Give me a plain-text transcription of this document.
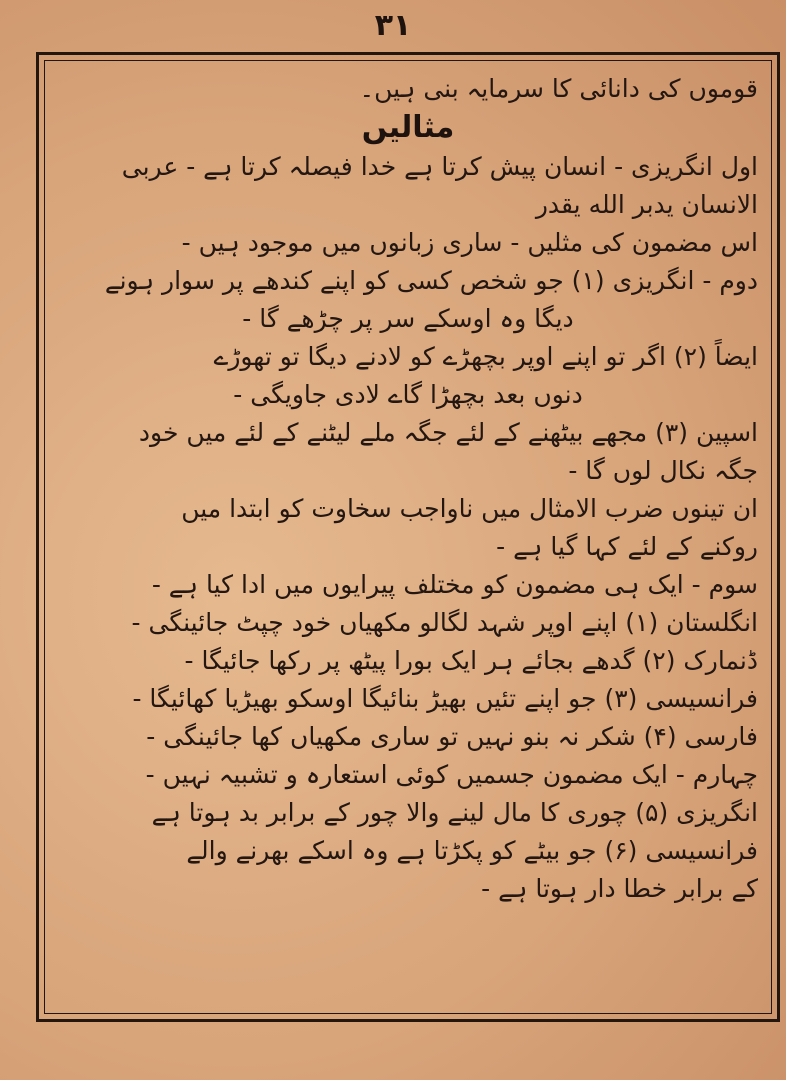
۳۱
قوموں کی دانائی کا سرمایہ بنی ہیں۔
مثالیں
اول انگریزی - انسان پیش کرتا ہے خدا فیصلہ کرتا ہے - عربی
الانسان یدبر الله یقدر
اس مضمون کی مثلیں - ساری زبانوں میں موجود ہیں -
دوم - انگریزی (۱) جو شخص کسی کو اپنے کندھے پر سوار ہونے
دیگا وہ اوسکے سر پر چڑھے گا -
ایضاً (۲) اگر تو اپنے اوپر بچھڑے کو لادنے دیگا تو تھوڑے
دنوں بعد بچھڑا گاے لادی جاویگی -
اسپین (۳) مجھے بیٹھنے کے لئے جگہ ملے لیٹنے کے لئے میں خود
جگہ نکال لوں گا -
ان تینوں ضرب الامثال میں ناواجب سخاوت کو ابتدا میں
روکنے کے لئے کہا گیا ہے -
سوم - ایک ہی مضمون کو مختلف پیرایوں میں ادا کیا ہے -
انگلستان (۱) اپنے اوپر شہد لگالو مکھیاں خود چپٹ جائینگی -
ڈنمارک (۲) گدھے بجائے ہر ایک بورا پیٹھ پر رکھا جائیگا -
فرانسیسی (۳) جو اپنے تئیں بھیڑ بنائیگا اوسکو بھیڑیا کھائیگا -
فارسی (۴) شکر نہ بنو نہیں تو ساری مکھیاں کھا جائینگی -
چہارم - ایک مضمون جسمیں کوئی استعارہ و تشبیہ نہیں -
انگریزی (۵) چوری کا مال لینے والا چور کے برابر بد ہوتا ہے
فرانسیسی (۶) جو بیٹے کو پکڑتا ہے وہ اسکے بھرنے والے
کے برابر خطا دار ہوتا ہے -
